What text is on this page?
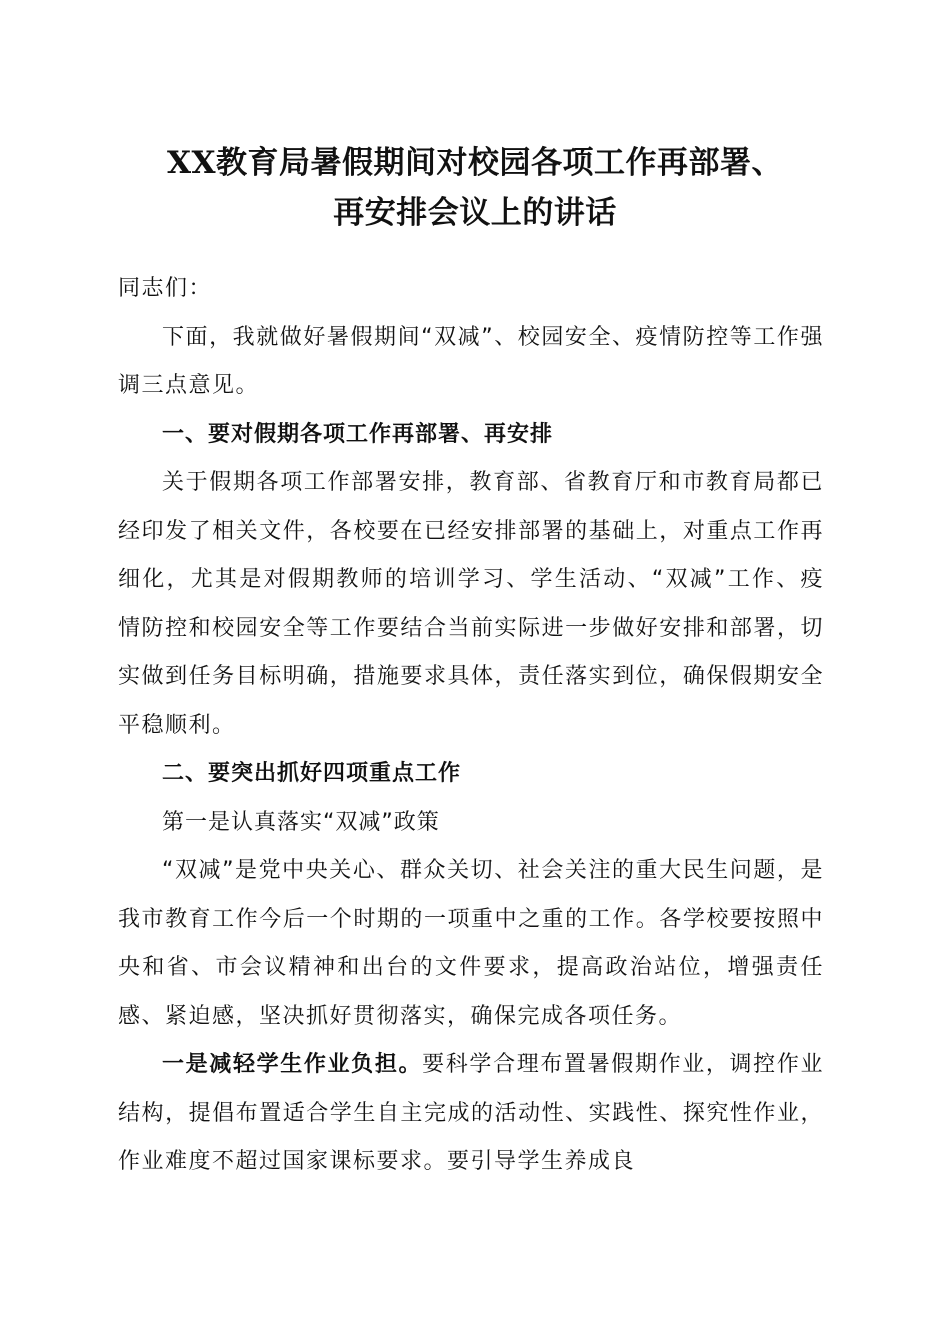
XX教育局暑假期间对校园各项工作再部署、
再安排会议上的讲话

同志们：

下面，我就做好暑假期间“双减”、校园安全、疫情防控等工作强调三点意见。

一、要对假期各项工作再部署、再安排

关于假期各项工作部署安排，教育部、省教育厅和市教育局都已经印发了相关文件，各校要在已经安排部署的基础上，对重点工作再细化，尤其是对假期教师的培训学习、学生活动、“双减”工作、疫情防控和校园安全等工作要结合当前实际进一步做好安排和部署，切实做到任务目标明确，措施要求具体，责任落实到位，确保假期安全平稳顺利。

二、要突出抓好四项重点工作

第一是认真落实“双减”政策

“双减”是党中央关心、群众关切、社会关注的重大民生问题，是我市教育工作今后一个时期的一项重中之重的工作。各学校要按照中央和省、市会议精神和出台的文件要求，提高政治站位，增强责任感、紧迫感，坚决抓好贯彻落实，确保完成各项任务。

一是减轻学生作业负担。要科学合理布置暑假期作业，调控作业结构，提倡布置适合学生自主完成的活动性、实践性、探究性作业，作业难度不超过国家课标要求。要引导学生养成良
